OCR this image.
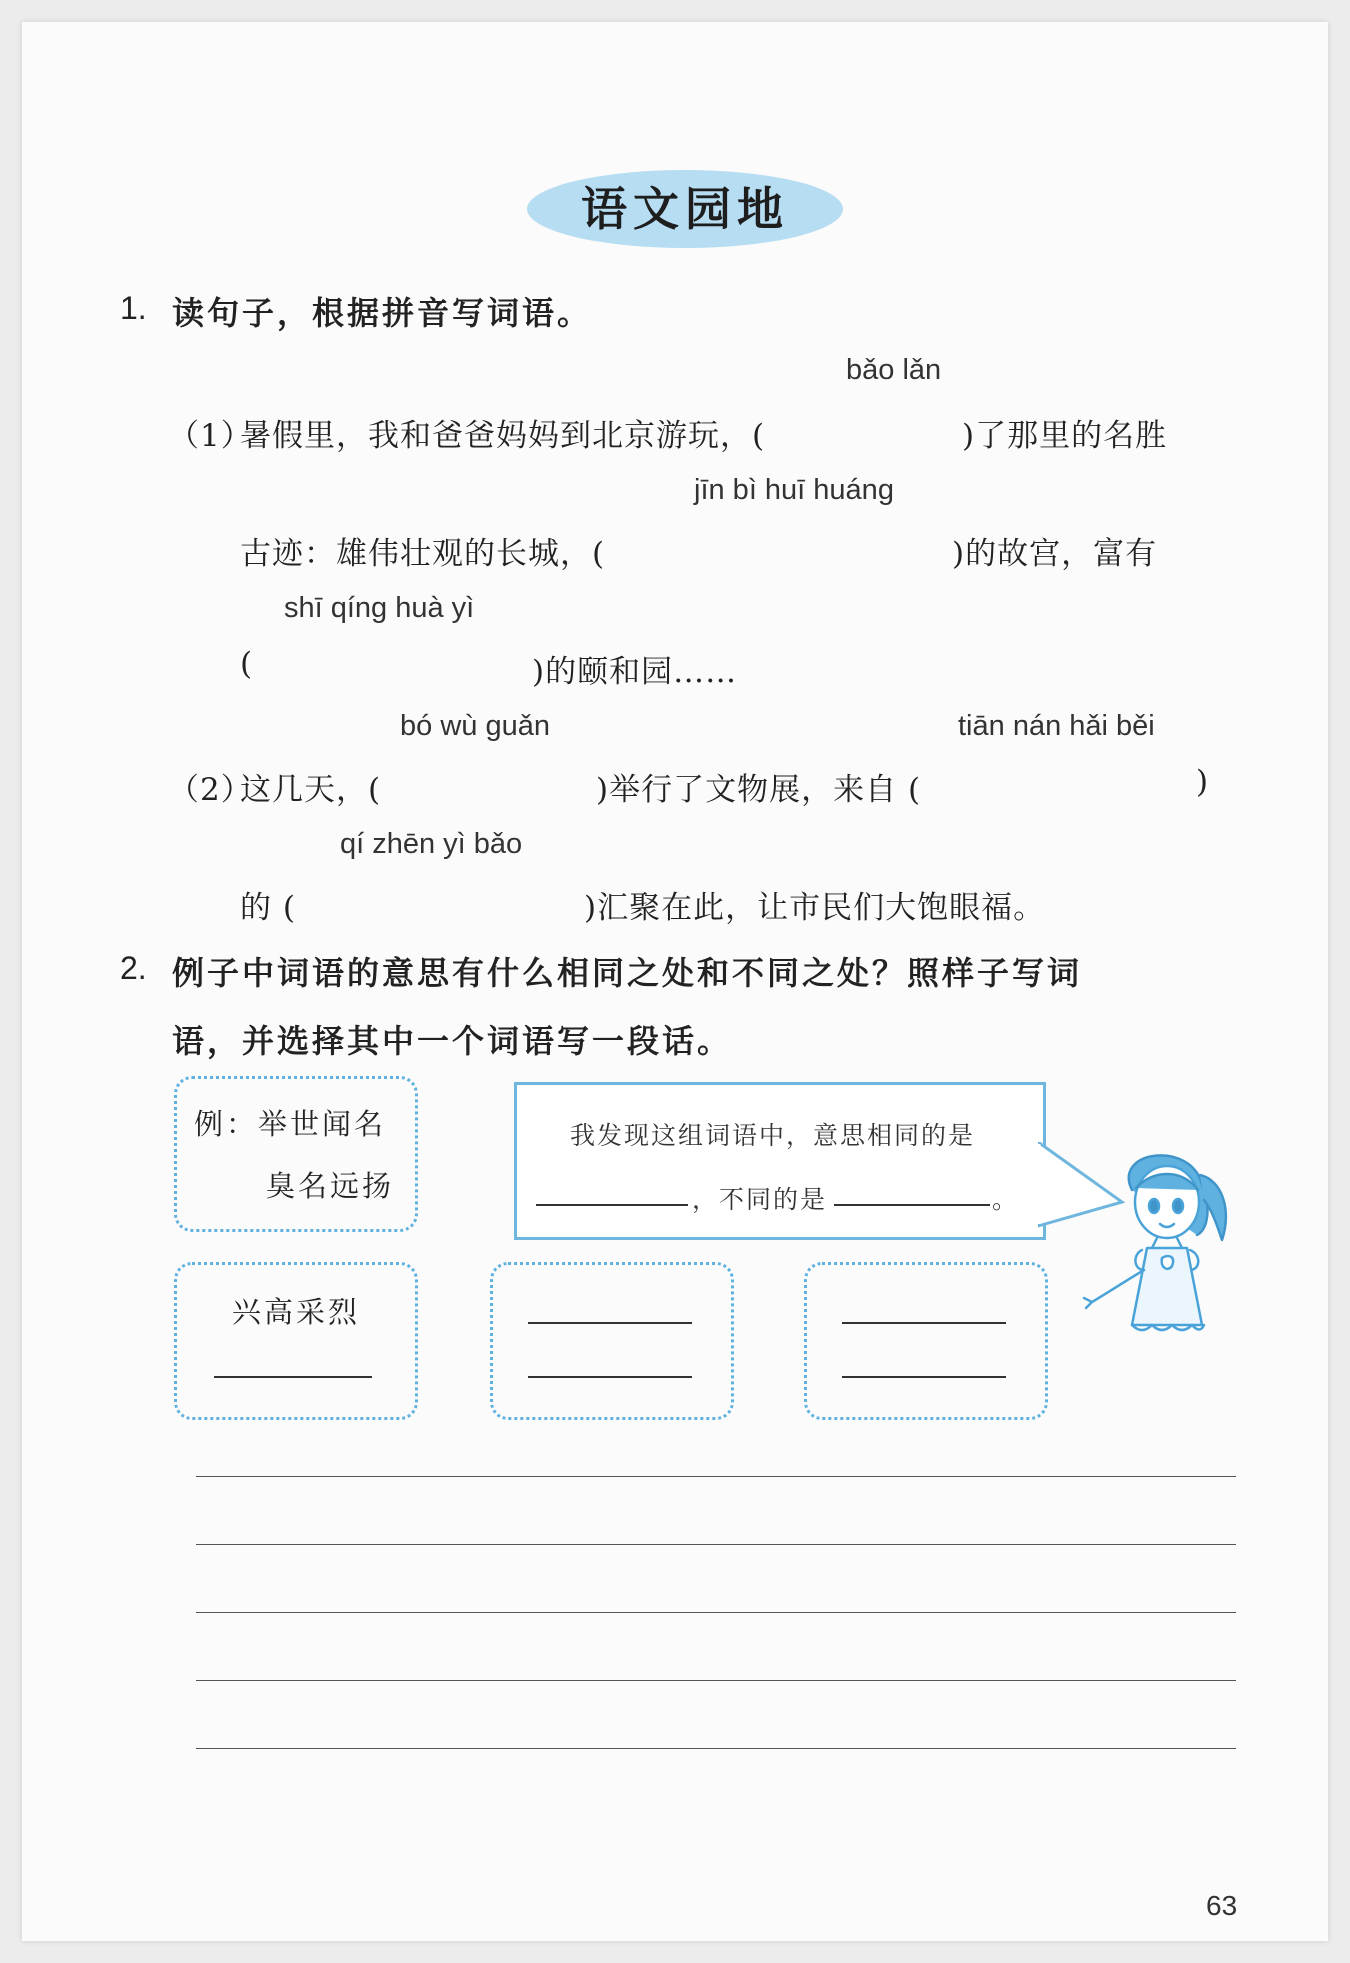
语文园地
1. 读句子，根据拼音写词语。
bǎo lǎn
（1）
暑假里，我和爸爸妈妈到北京游玩，(	)了那里的名胜
jīn bì huī huáng
古迹：雄伟壮观的长城，(	)的故宫，富有
shī qíng huà yì
(	)的颐和园……
bó wù guǎn	tiān nán hǎi běi
（2）
这几天，(	)举行了文物展，来自 (	)
qí zhēn yì bǎo
的 (	)汇聚在此，让市民们大饱眼福。
2. 例子中词语的意思有什么相同之处和不同之处？照样子写词
语，并选择其中一个词语写一段话。
例：举世闻名
臭名远扬
我发现这组词语中，意思相同的是
，不同的是	。
兴高采烈
63
